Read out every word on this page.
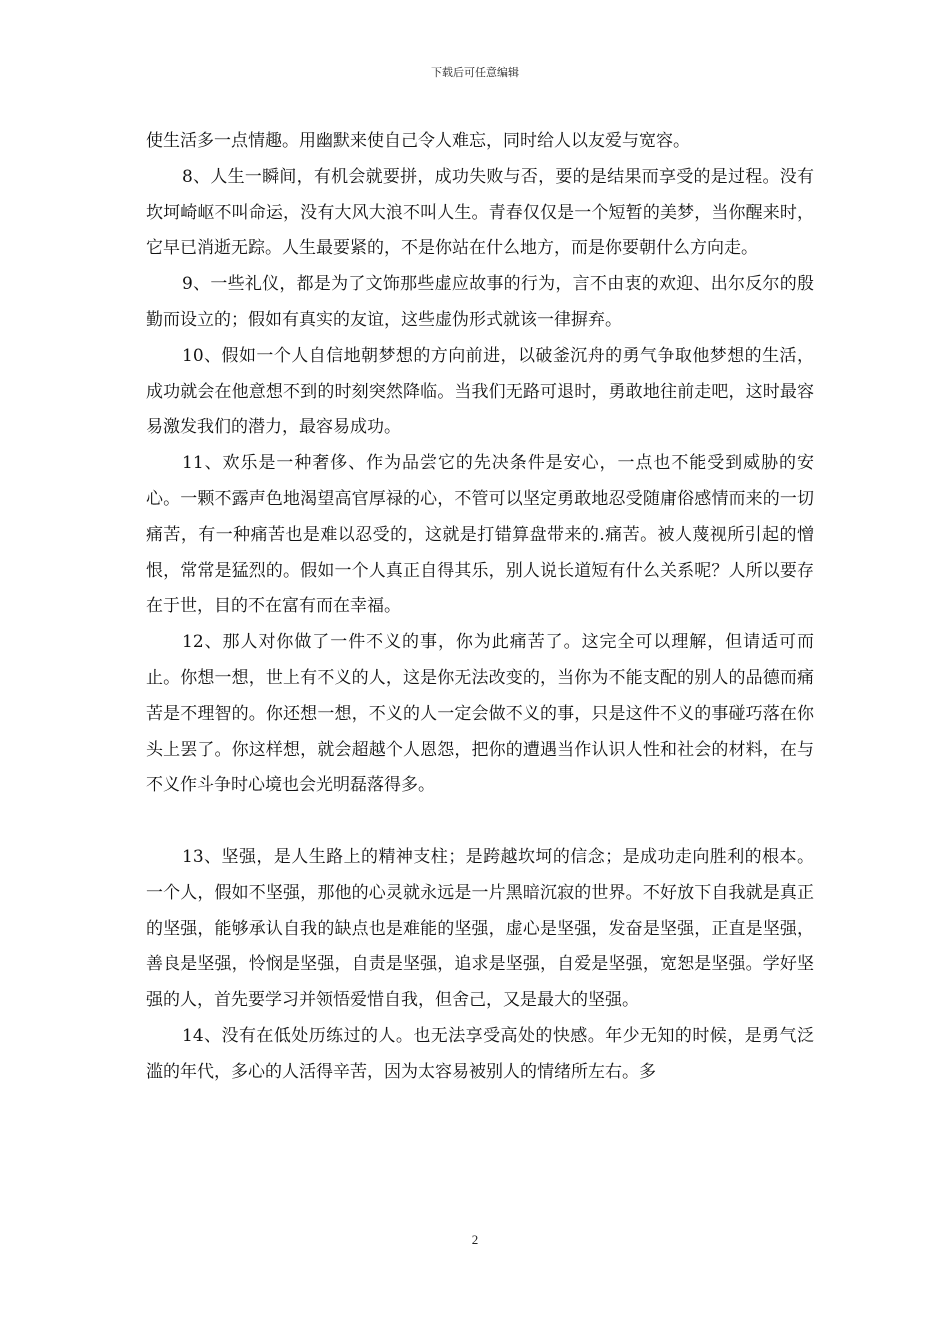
下载后可任意编辑

使生活多一点情趣。用幽默来使自己令人难忘，同时给人以友爱与宽容。

8、人生一瞬间，有机会就要拼，成功失败与否，要的是结果而享受的是过程。没有坎坷崎岖不叫命运，没有大风大浪不叫人生。青春仅仅是一个短暂的美梦，当你醒来时，它早已消逝无踪。人生最要紧的，不是你站在什么地方，而是你要朝什么方向走。

9、一些礼仪，都是为了文饰那些虚应故事的行为，言不由衷的欢迎、出尔反尔的殷勤而设立的；假如有真实的友谊，这些虚伪形式就该一律摒弃。

10、假如一个人自信地朝梦想的方向前进，以破釜沉舟的勇气争取他梦想的生活，成功就会在他意想不到的时刻突然降临。当我们无路可退时，勇敢地往前走吧，这时最容易激发我们的潜力，最容易成功。

11、欢乐是一种奢侈、作为品尝它的先决条件是安心，一点也不能受到威胁的安心。一颗不露声色地渴望高官厚禄的心，不管可以坚定勇敢地忍受随庸俗感情而来的一切痛苦，有一种痛苦也是难以忍受的，这就是打错算盘带来的.痛苦。被人蔑视所引起的憎恨，常常是猛烈的。假如一个人真正自得其乐，别人说长道短有什么关系呢？人所以要存在于世，目的不在富有而在幸福。

12、那人对你做了一件不义的事，你为此痛苦了。这完全可以理解，但请适可而止。你想一想，世上有不义的人，这是你无法改变的，当你为不能支配的别人的品德而痛苦是不理智的。你还想一想，不义的人一定会做不义的事，只是这件不义的事碰巧落在你头上罢了。你这样想，就会超越个人恩怨，把你的遭遇当作认识人性和社会的材料，在与不义作斗争时心境也会光明磊落得多。

13、坚强，是人生路上的精神支柱；是跨越坎坷的信念；是成功走向胜利的根本。一个人，假如不坚强，那他的心灵就永远是一片黑暗沉寂的世界。不好放下自我就是真正的坚强，能够承认自我的缺点也是难能的坚强，虚心是坚强，发奋是坚强，正直是坚强，善良是坚强，怜悯是坚强，自责是坚强，追求是坚强，自爱是坚强，宽恕是坚强。学好坚强的人，首先要学习并领悟爱惜自我，但舍己，又是最大的坚强。

14、没有在低处历练过的人。也无法享受高处的快感。年少无知的时候，是勇气泛滥的年代，多心的人活得辛苦，因为太容易被别人的情绪所左右。多

2
